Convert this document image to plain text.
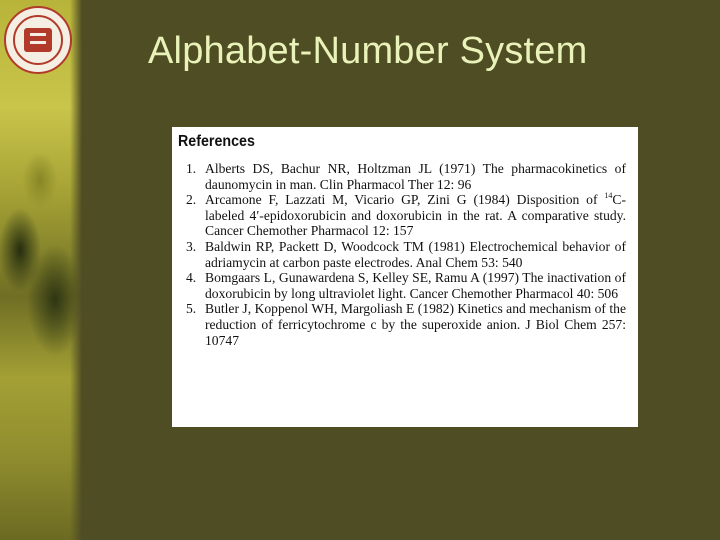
Alphabet-Number System
References
1. Alberts DS, Bachur NR, Holtzman JL (1971) The pharmacokinetics of daunomycin in man. Clin Pharmacol Ther 12: 96
2. Arcamone F, Lazzati M, Vicario GP, Zini G (1984) Disposition of $^{14}$C-labeled 4′-epidoxorubicin and doxorubicin in the rat. A comparative study. Cancer Chemother Pharmacol 12: 157
3. Baldwin RP, Packett D, Woodcock TM (1981) Electrochemical behavior of adriamycin at carbon paste electrodes. Anal Chem 53: 540
4. Bomgaars L, Gunawardena S, Kelley SE, Ramu A (1997) The inactivation of doxorubicin by long ultraviolet light. Cancer Chemother Pharmacol 40: 506
5. Butler J, Koppenol WH, Margoliash E (1982) Kinetics and mechanism of the reduction of ferricytochrome c by the superoxide anion. J Biol Chem 257: 10747
